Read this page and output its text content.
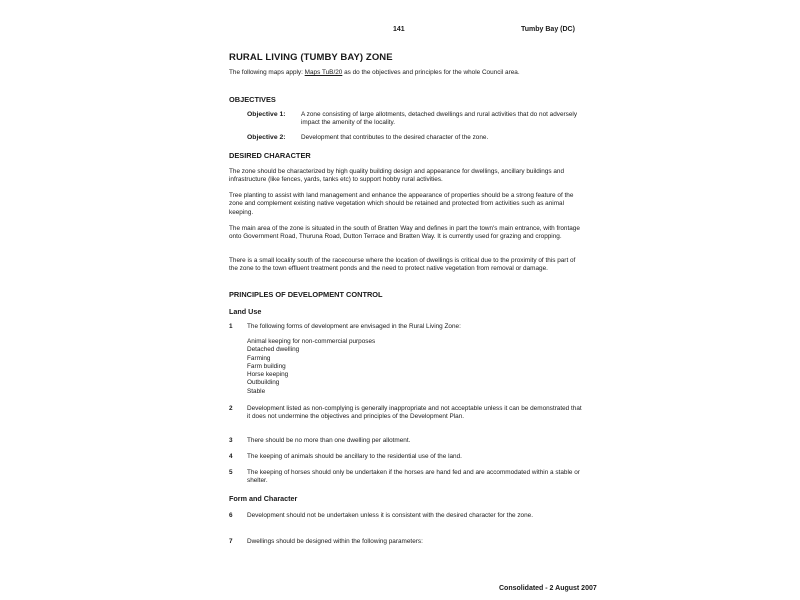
141	Tumby Bay (DC)
RURAL LIVING (TUMBY BAY) ZONE
The following maps apply: Maps TuB/20 as do the objectives and principles for the whole Council area.
OBJECTIVES
Objective 1: A zone consisting of large allotments, detached dwellings and rural activities that do not adversely impact the amenity of the locality.
Objective 2: Development that contributes to the desired character of the zone.
DESIRED CHARACTER
The zone should be characterized by high quality building design and appearance for dwellings, ancillary buildings and infrastructure (like fences, yards, tanks etc) to support hobby rural activities.
Tree planting to assist with land management and enhance the appearance of properties should be a strong feature of the zone and complement existing native vegetation which should be retained and protected from activities such as animal keeping.
The main area of the zone is situated in the south of Bratten Way and defines in part the town's main entrance, with frontage onto Government Road, Thuruna Road, Dutton Terrace and Bratten Way. It is currently used for grazing and cropping.
There is a small locality south of the racecourse where the location of dwellings is critical due to the proximity of this part of the zone to the town effluent treatment ponds and the need to protect native vegetation from removal or damage.
PRINCIPLES OF DEVELOPMENT CONTROL
Land Use
1 The following forms of development are envisaged in the Rural Living Zone:
Animal keeping for non-commercial purposes
Detached dwelling
Farming
Farm building
Horse keeping
Outbuilding
Stable
2 Development listed as non-complying is generally inappropriate and not acceptable unless it can be demonstrated that it does not undermine the objectives and principles of the Development Plan.
3 There should be no more than one dwelling per allotment.
4 The keeping of animals should be ancillary to the residential use of the land.
5 The keeping of horses should only be undertaken if the horses are hand fed and are accommodated within a stable or shelter.
Form and Character
6 Development should not be undertaken unless it is consistent with the desired character for the zone.
7 Dwellings should be designed within the following parameters:
Consolidated - 2 August 2007
